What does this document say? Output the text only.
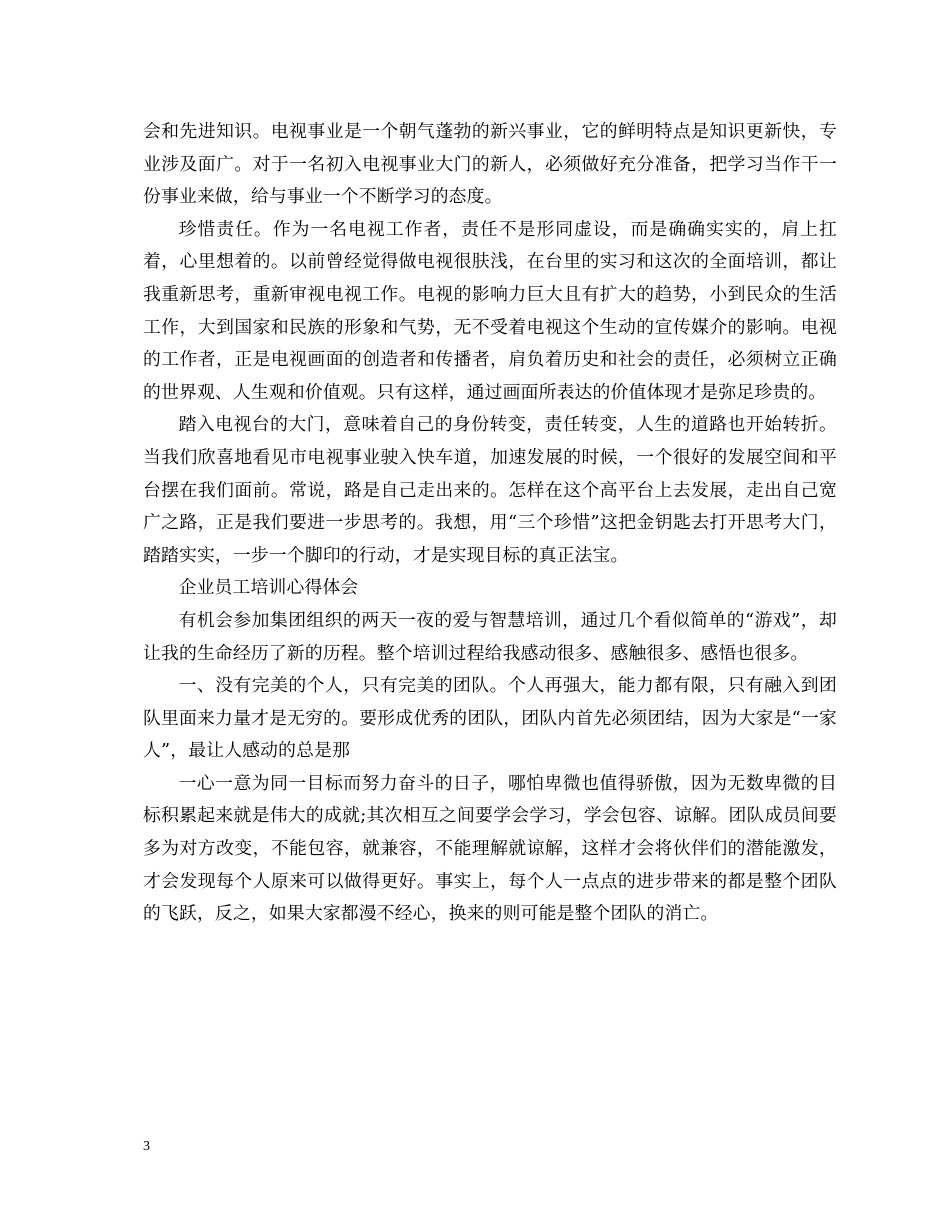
会和先进知识。电视事业是一个朝气蓬勃的新兴事业，它的鲜明特点是知识更新快，专业涉及面广。对于一名初入电视事业大门的新人，必须做好充分准备，把学习当作干一份事业来做，给与事业一个不断学习的态度。

珍惜责任。作为一名电视工作者，责任不是形同虚设，而是确确实实的，肩上扛着，心里想着的。以前曾经觉得做电视很肤浅，在台里的实习和这次的全面培训，都让我重新思考，重新审视电视工作。电视的影响力巨大且有扩大的趋势，小到民众的生活工作，大到国家和民族的形象和气势，无不受着电视这个生动的宣传媒介的影响。电视的工作者，正是电视画面的创造者和传播者，肩负着历史和社会的责任，必须树立正确的世界观、人生观和价值观。只有这样，通过画面所表达的价值体现才是弥足珍贵的。

踏入电视台的大门，意味着自己的身份转变，责任转变，人生的道路也开始转折。当我们欣喜地看见市电视事业驶入快车道，加速发展的时候，一个很好的发展空间和平台摆在我们面前。常说，路是自己走出来的。怎样在这个高平台上去发展，走出自己宽广之路，正是我们要进一步思考的。我想，用“三个珍惜”这把金钥匙去打开思考大门，踏踏实实，一步一个脚印的行动，才是实现目标的真正法宝。

企业员工培训心得体会

有机会参加集团组织的两天一夜的爱与智慧培训，通过几个看似简单的“游戏”，却让我的生命经历了新的历程。整个培训过程给我感动很多、感触很多、感悟也很多。

一、没有完美的个人，只有完美的团队。个人再强大，能力都有限，只有融入到团队里面来力量才是无穷的。要形成优秀的团队，团队内首先必须团结，因为大家是“一家人”，最让人感动的总是那

一心一意为同一目标而努力奋斗的日子，哪怕卑微也值得骄傲，因为无数卑微的目标积累起来就是伟大的成就;其次相互之间要学会学习，学会包容、谅解。团队成员间要多为对方改变，不能包容，就兼容，不能理解就谅解，这样才会将伙伴们的潜能激发，才会发现每个人原来可以做得更好。事实上，每个人一点点的进步带来的都是整个团队的飞跃，反之，如果大家都漫不经心，换来的则可能是整个团队的消亡。

3
